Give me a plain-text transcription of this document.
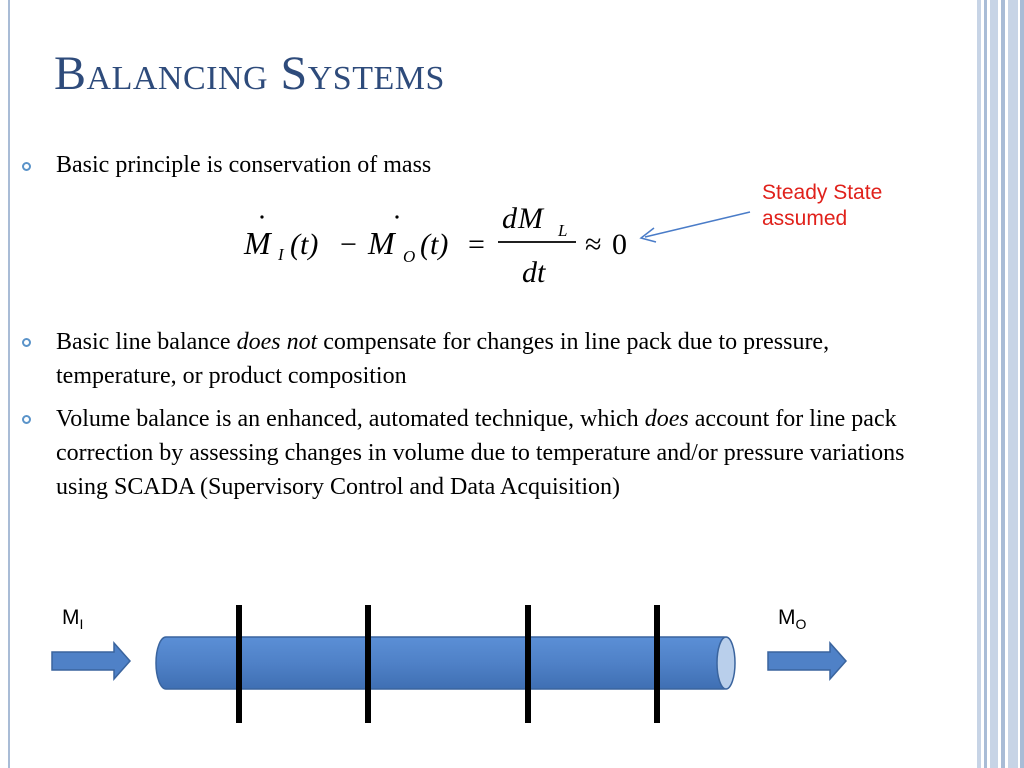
Balancing Systems
Basic principle is conservation of mass
Steady State assumed
M I (t) − M O (t) =
d M L
dt
≈ 0
Basic line balance does not compensate for changes in line pack due to pressure, temperature, or product composition
Volume balance is an enhanced, automated technique, which does account for line pack correction by assessing changes in volume due to temperature and/or pressure variations using SCADA (Supervisory Control and Data Acquisition)
$M_I$	$M_O$
